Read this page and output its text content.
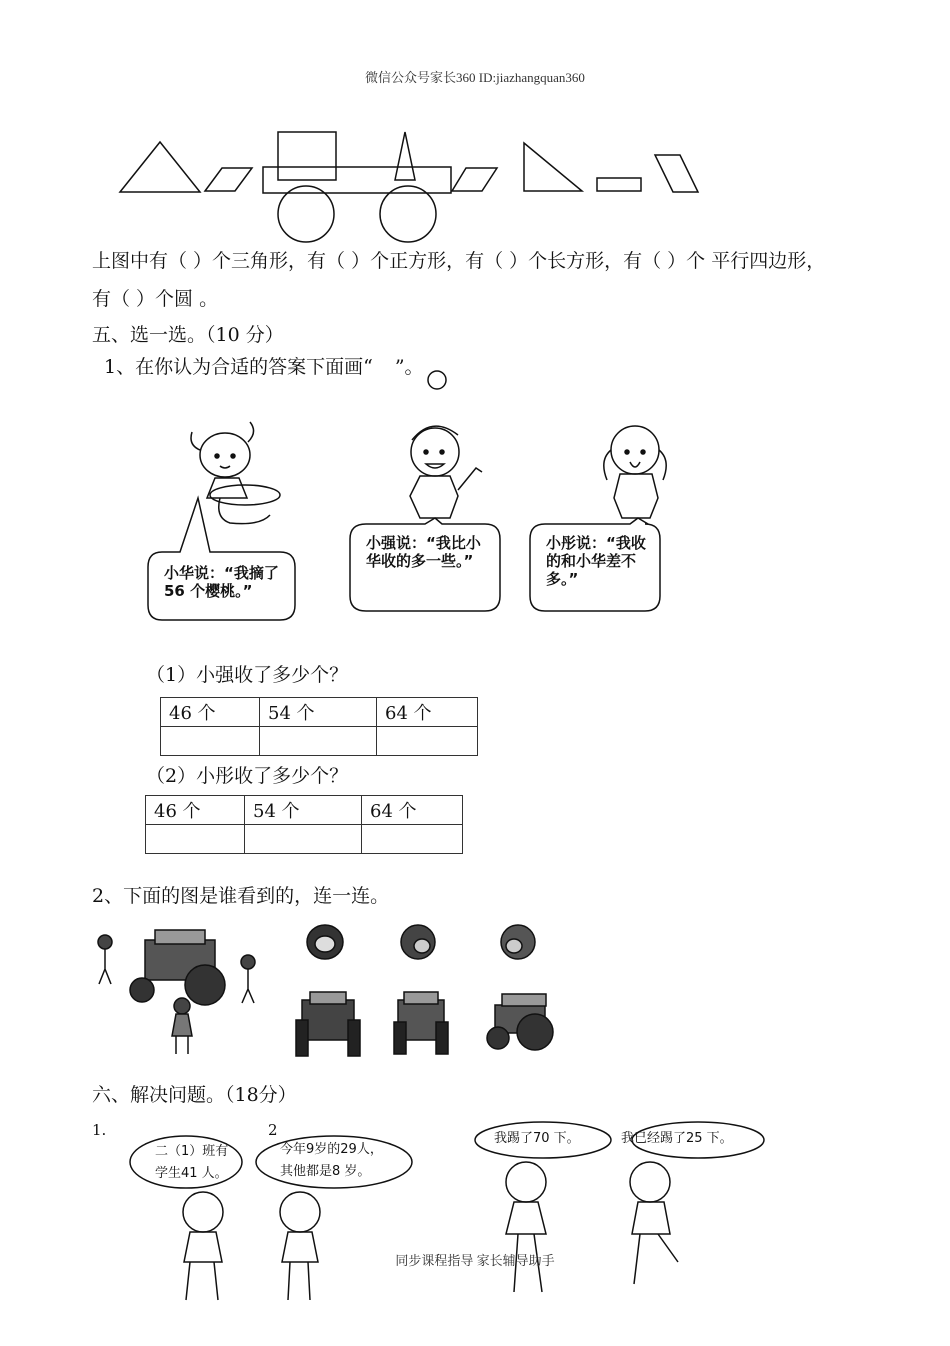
微信公众号家长360 ID:jiazhangquan360
上图中有（ ）个三角形，有（ ）个正方形，有（ ）个长方形，有（ ）个 平行四边形，
有（ ）个圆 。
五、选一选。（10 分）
1、在你认为合适的答案下面画“ ”。
小华说：“我摘了 56 个樱桃。”
小强说：“我比小华收的多一些。”
小彤说：“我收的和小华差不多。”
（1）小强收了多少个？
46 个	54 个	64 个

（2）小彤收了多少个？
46 个	54 个	64 个

2、下面的图是谁看到的，连一连。
六、解决问题。（18分）
1.	2
二（1）班有
学生41 人。
今年9岁的29人，
其他都是8 岁。
我踢了70 下。	我已经踢了25 下。
同步课程指导 家长辅导助手
